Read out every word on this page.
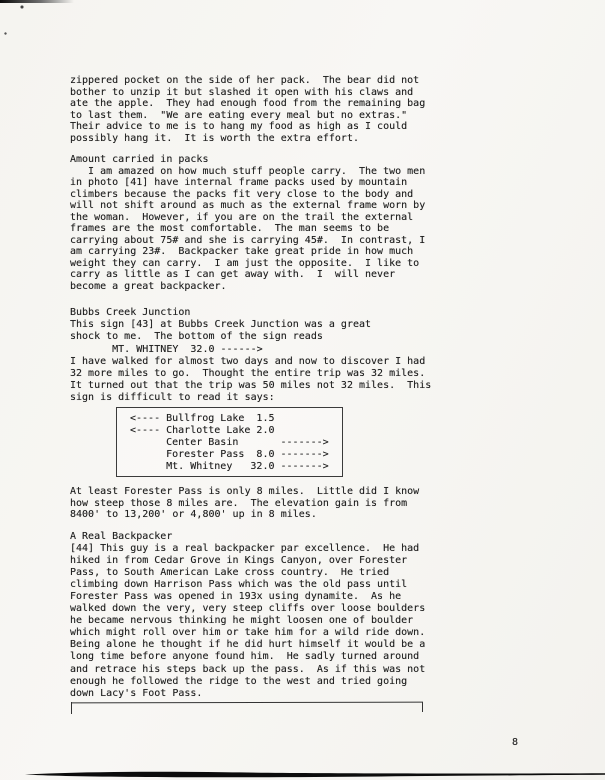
zippered pocket on the side of her pack.  The bear did not
bother to unzip it but slashed it open with his claws and
ate the apple.  They had enough food from the remaining bag
to last them.  "We are eating every meal but no extras."
Their advice to me is to hang my food as high as I could
possibly hang it.  It is worth the extra effort.
Amount carried in packs
I am amazed on how much stuff people carry.  The two men
in photo [41] have internal frame packs used by mountain
climbers because the packs fit very close to the body and
will not shift around as much as the external frame worn by
the woman.  However, if you are on the trail the external
frames are the most comfortable.  The man seems to be
carrying about 75# and she is carrying 45#.  In contrast, I
am carrying 23#.  Backpacker take great pride in how much
weight they can carry.  I am just the opposite.  I like to
carry as little as I can get away with.  I  will never
become a great backpacker.
Bubbs Creek Junction
This sign [43] at Bubbs Creek Junction was a great
shock to me.  The bottom of the sign reads
MT. WHITNEY  32.0 ------>
I have walked for almost two days and now to discover I had
32 more miles to go.  Thought the entire trip was 32 miles.
It turned out that the trip was 50 miles not 32 miles.  This
sign is difficult to read it says:
<---- Bullfrog Lake  1.5
<---- Charlotte Lake 2.0
Center Basin       ------->
Forester Pass  8.0 ------->
Mt. Whitney   32.0 ------->
At least Forester Pass is only 8 miles.  Little did I know
how steep those 8 miles are.  The elevation gain is from
8400' to 13,200' or 4,800' up in 8 miles.
A Real Backpacker
[44] This guy is a real backpacker par excellence.  He had
hiked in from Cedar Grove in Kings Canyon, over Forester
Pass, to South American Lake cross country.  He tried
climbing down Harrison Pass which was the old pass until
Forester Pass was opened in 193x using dynamite.  As he
walked down the very, very steep cliffs over loose boulders
he became nervous thinking he might loosen one of boulder
which might roll over him or take him for a wild ride down.
Being alone he thought if he did hurt himself it would be a
long time before anyone found him.  He sadly turned around
and retrace his steps back up the pass.  As if this was not
enough he followed the ridge to the west and tried going
down Lacy's Foot Pass.
8
